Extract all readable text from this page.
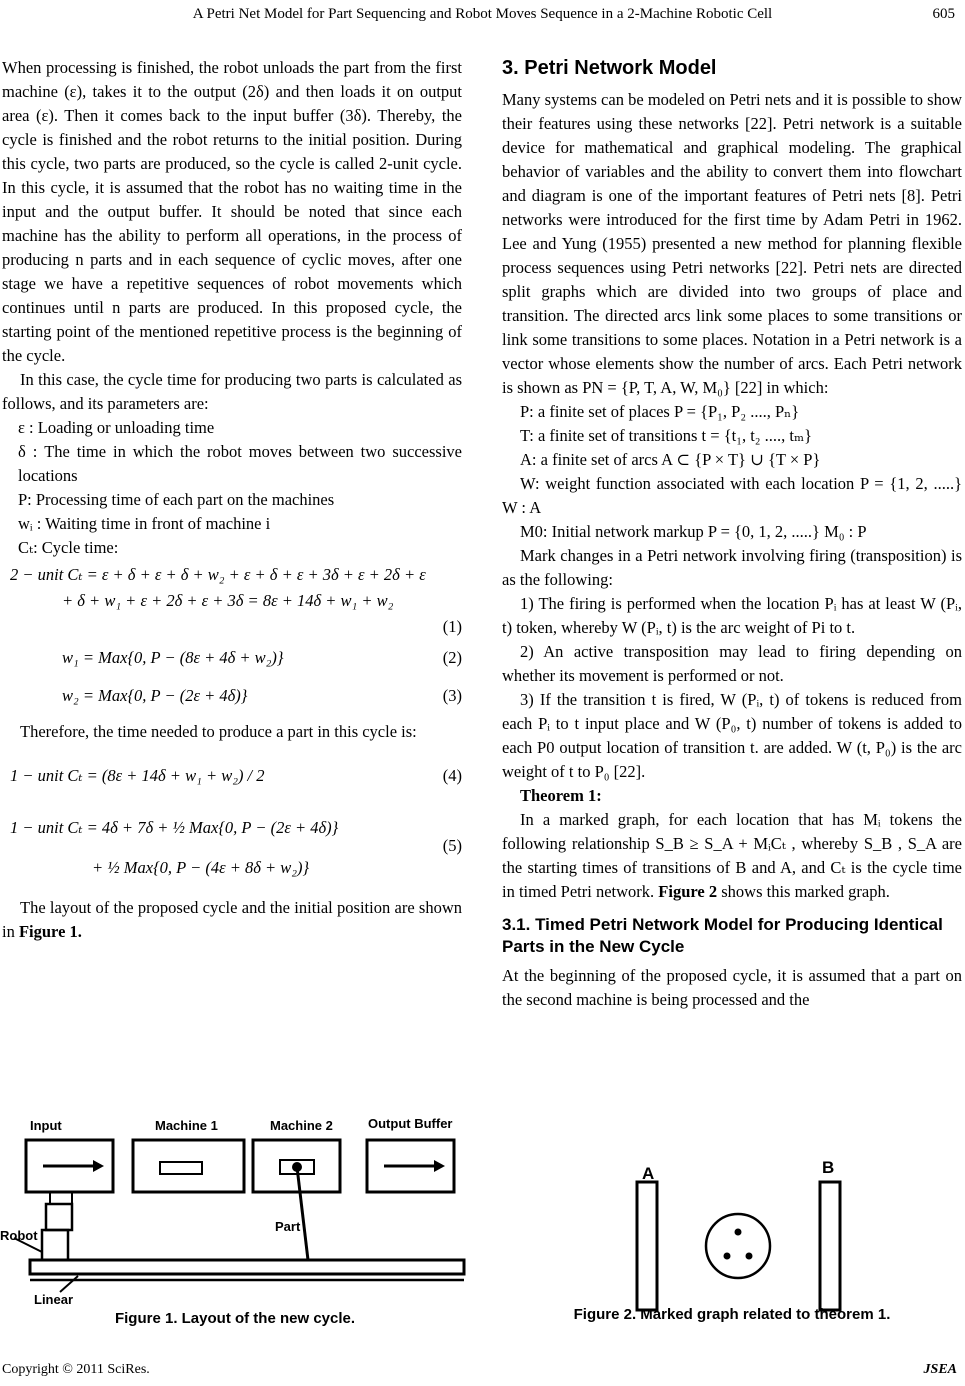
A Petri Net Model for Part Sequencing and Robot Moves Sequence in a 2-Machine Robotic Cell	605

When processing is finished, the robot unloads the part from the first machine (ε), takes it to the output (2δ) and then loads it on output area (ε). Then it comes back to the input buffer (3δ). Thereby, the cycle is finished and the robot returns to the initial position. During this cycle, two parts are produced, so the cycle is called 2-unit cycle. In this cycle, it is assumed that the robot has no waiting time in the input and the output buffer. It should be noted that since each machine has the ability to perform all operations, in the process of producing n parts and in each sequence of cyclic moves, after one stage we have a repetitive sequences of robot movements which continues until n parts are produced. In this proposed cycle, the starting point of the mentioned repetitive process is the beginning of the cycle.

In this case, the cycle time for producing two parts is calculated as follows, and its parameters are:

ε : Loading or unloading time

δ : The time in which the robot moves between two successive locations

P: Processing time of each part on the machines

wᵢ : Waiting time in front of machine i

Cₜ: Cycle time:

2 − unit Cₜ = ε + δ + ε + δ + w₂ + ε + δ + ε + 3δ + ε + 2δ + ε
+ δ + w₁ + ε + 2δ + ε + 3δ = 8ε + 14δ + w₁ + w₂
(1)
w₁ = Max{0, P − (8ε + 4δ + w₂)}	(2)
w₂ = Max{0, P − (2ε + 4δ)}	(3)

Therefore, the time needed to produce a part in this cycle is:

1 − unit Cₜ = (8ε + 14δ + w₁ + w₂) / 2	(4)
1 − unit Cₜ = 4δ + 7δ + ½ Max{0, P − (2ε + 4δ)}
(5)
+ ½ Max{0, P − (4ε + 8δ + w₂)}

The layout of the proposed cycle and the initial position are shown in Figure 1.

Input	Machine 1	Machine 2	Output Buffer
Robot
Part
Linear
Figure 1. Layout of the new cycle.
3. Petri Network Model

Many systems can be modeled on Petri nets and it is possible to show their features using these networks [22]. Petri network is a suitable device for mathematical and graphical modeling. The graphical behavior of variables and the ability to convert them into flowchart and diagram is one of the important features of Petri nets [8]. Petri networks were introduced for the first time by Adam Petri in 1962. Lee and Yung (1955) presented a new method for planning flexible process sequences using Petri networks [22]. Petri nets are directed split graphs which are divided into two groups of place and transition. The directed arcs link some places to some transitions or link some transitions to some places. Notation in a Petri network is a vector whose elements show the number of arcs. Each Petri network is shown as PN = {P, T, A, W, M₀} [22] in which:

P: a finite set of places P = {P₁, P₂ ...., Pₙ}

T: a finite set of transitions t = {t₁, t₂ ...., tₘ}

A: a finite set of arcs A ⊂ {P × T} ∪ {T × P}

W: weight function associated with each location P = {1, 2, .....} W : A

M0: Initial network markup P = {0, 1, 2, .....} M₀ : P

Mark changes in a Petri network involving firing (transposition) is as the following:

1) The firing is performed when the location Pᵢ has at least W (Pᵢ, t) token, whereby W (Pᵢ, t) is the arc weight of Pi to t.

2) An active transposition may lead to firing depending on whether its movement is performed or not.

3) If the transition t is fired, W (Pᵢ, t) of tokens is reduced from each Pᵢ to t input place and W (P₀, t) number of tokens is added to each P0 output location of transition t. are added. W (t, P₀) is the arc weight of t to P₀ [22].

Theorem 1:

In a marked graph, for each location that has Mᵢ tokens the following relationship S_B ≥ S_A + MᵢCₜ , whereby S_B , S_A are the starting times of transitions of B and A, and Cₜ is the cycle time in timed Petri network. Figure 2 shows this marked graph.

3.1. Timed Petri Network Model for Producing Identical Parts in the New Cycle

At the beginning of the proposed cycle, it is assumed that a part on the second machine is being processed and the

A	B
Figure 2. Marked graph related to theorem 1.
Copyright © 2011 SciRes.	JSEA
